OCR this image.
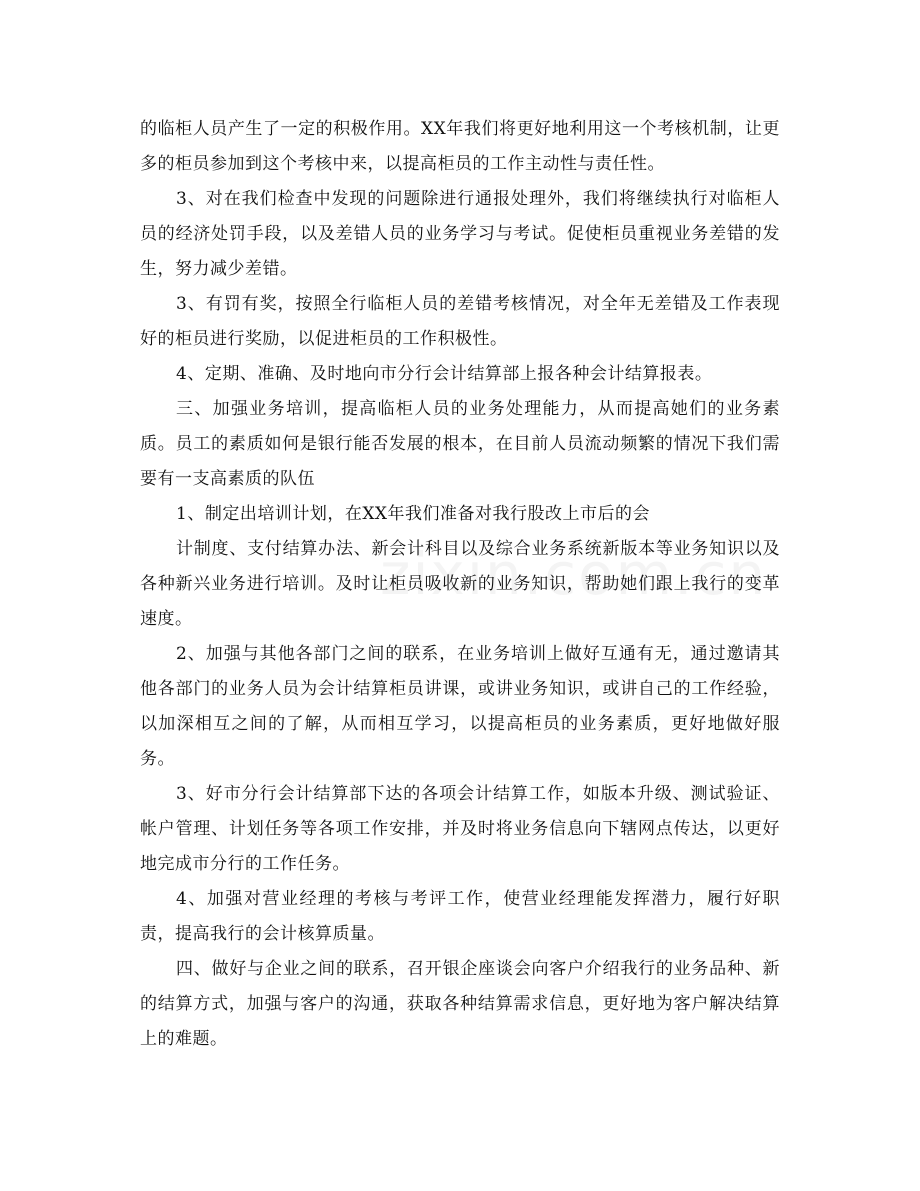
的临柜人员产生了一定的积极作用。XX年我们将更好地利用这一个考核机制，让更多的柜员参加到这个考核中来，以提高柜员的工作主动性与责任性。

3、对在我们检查中发现的问题除进行通报处理外，我们将继续执行对临柜人员的经济处罚手段，以及差错人员的业务学习与考试。促使柜员重视业务差错的发生，努力减少差错。

3、有罚有奖，按照全行临柜人员的差错考核情况，对全年无差错及工作表现好的柜员进行奖励，以促进柜员的工作积极性。

4、定期、准确、及时地向市分行会计结算部上报各种会计结算报表。

三、加强业务培训，提高临柜人员的业务处理能力，从而提高她们的业务素质。员工的素质如何是银行能否发展的根本，在目前人员流动频繁的情况下我们需要有一支高素质的队伍

1、制定出培训计划，在XX年我们准备对我行股改上市后的会

计制度、支付结算办法、新会计科目以及综合业务系统新版本等业务知识以及各种新兴业务进行培训。及时让柜员吸收新的业务知识，帮助她们跟上我行的变革速度。

2、加强与其他各部门之间的联系，在业务培训上做好互通有无，通过邀请其他各部门的业务人员为会计结算柜员讲课，或讲业务知识，或讲自己的工作经验，以加深相互之间的了解，从而相互学习，以提高柜员的业务素质，更好地做好服务。

3、好市分行会计结算部下达的各项会计结算工作，如版本升级、测试验证、帐户管理、计划任务等各项工作安排，并及时将业务信息向下辖网点传达，以更好地完成市分行的工作任务。

4、加强对营业经理的考核与考评工作，使营业经理能发挥潜力，履行好职责，提高我行的会计核算质量。

四、做好与企业之间的联系，召开银企座谈会向客户介绍我行的业务品种、新的结算方式，加强与客户的沟通，获取各种结算需求信息，更好地为客户解决结算上的难题。
